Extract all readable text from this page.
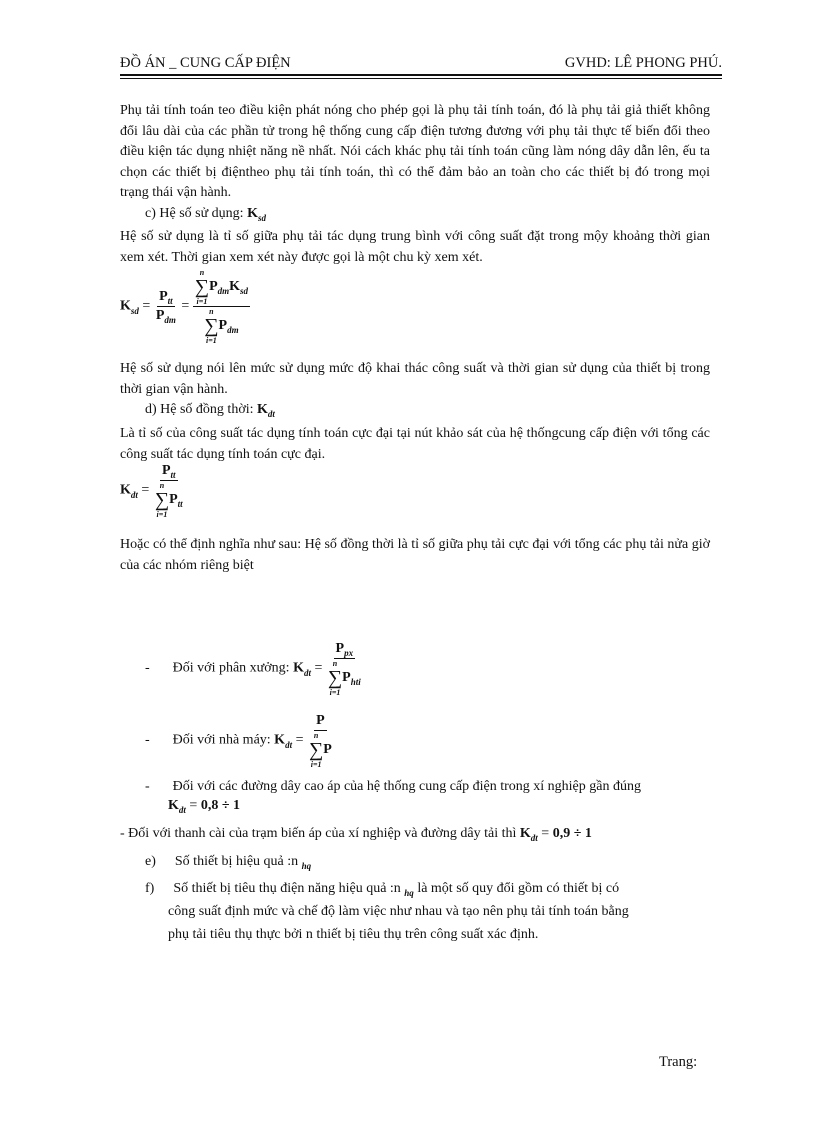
ĐỒ ÁN _ CUNG CẤP ĐIỆN	GVHD: LÊ PHONG PHÚ.

Phụ tải tính toán teo điều kiện phát nóng cho phép gọi là phụ tải tính toán, đó là phụ tải giả thiết không đổi lâu dài của các phần tử trong hệ thống cung cấp điện tương đương với phụ tải thực tế biến đổi theo điều kiện tác dụng nhiệt năng nề nhất. Nói cách khác phụ tải tính toán cũng làm nóng dây dẫn lên, ếu ta chọn các thiết bị điệntheo phụ tải tính toán, thì có thể đảm bảo an toàn cho các thiết bị đó trong mọi trạng thái vận hành.

c) Hệ số sử dụng: $K_{sd}$

Hệ số sử dụng là tỉ số giữa phụ tải tác dụng trung bình với công suất đặt trong mộy khoảng thời gian xem xét. Thời gian xem xét này được gọi là một chu kỳ xem xét.

$K_{sd} = \frac{P_{tt}}{P_{dm}} = n$
∑
i=1
$P_{dm}K_{sd}$
n
∑
i=1
$P_{dm}$

Hệ số sử dụng nói lên mức sử dụng mức độ khai thác công suất và thời gian sử dụng của thiết bị trong thời gian vận hành.

d) Hệ số đồng thời: $K_{dt}$

Là tỉ số của công suất tác dụng tính toán cực đại tại nút khảo sát của hệ thốngcung cấp điện với tổng các công suất tác dụng tính toán cực đại.

$K_{dt} = P_{tt}$
n
∑
i=1
$P_{tt}$

Hoặc có thể định nghĩa như sau: Hệ số đồng thời là tỉ số giữa phụ tải cực đại với tổng các phụ tải nửa giờ của các nhóm riêng biệt

- Đối với phân xưởng: $K_{dt} = P_{px}$
n
∑
i=1
$P_{hti}$
- Đối với nhà máy: $K_{dt} = P$
n
∑
i=1
P
- Đối với các đường dây cao áp của hệ thống cung cấp điện trong xí nghiệp gần đúng
$K_{dt} = 0,8 \div 1$
- Đối với thanh cài của trạm biến áp của xí nghiệp và đường dây tải thì $K_{dt} = 0,9 \div 1$
e) Số thiết bị hiệu quả :n $_{hq}$
f) Số thiết bị tiêu thụ điện năng hiệu quả :n $_{hq}$ là một số quy đổi gồm có thiết bị có
công suất định mức và chế độ làm việc như nhau và tạo nên phụ tải tính toán bằng
phụ tải tiêu thụ thực bởi n thiết bị tiêu thụ trên công suất xác định.
Trang:
